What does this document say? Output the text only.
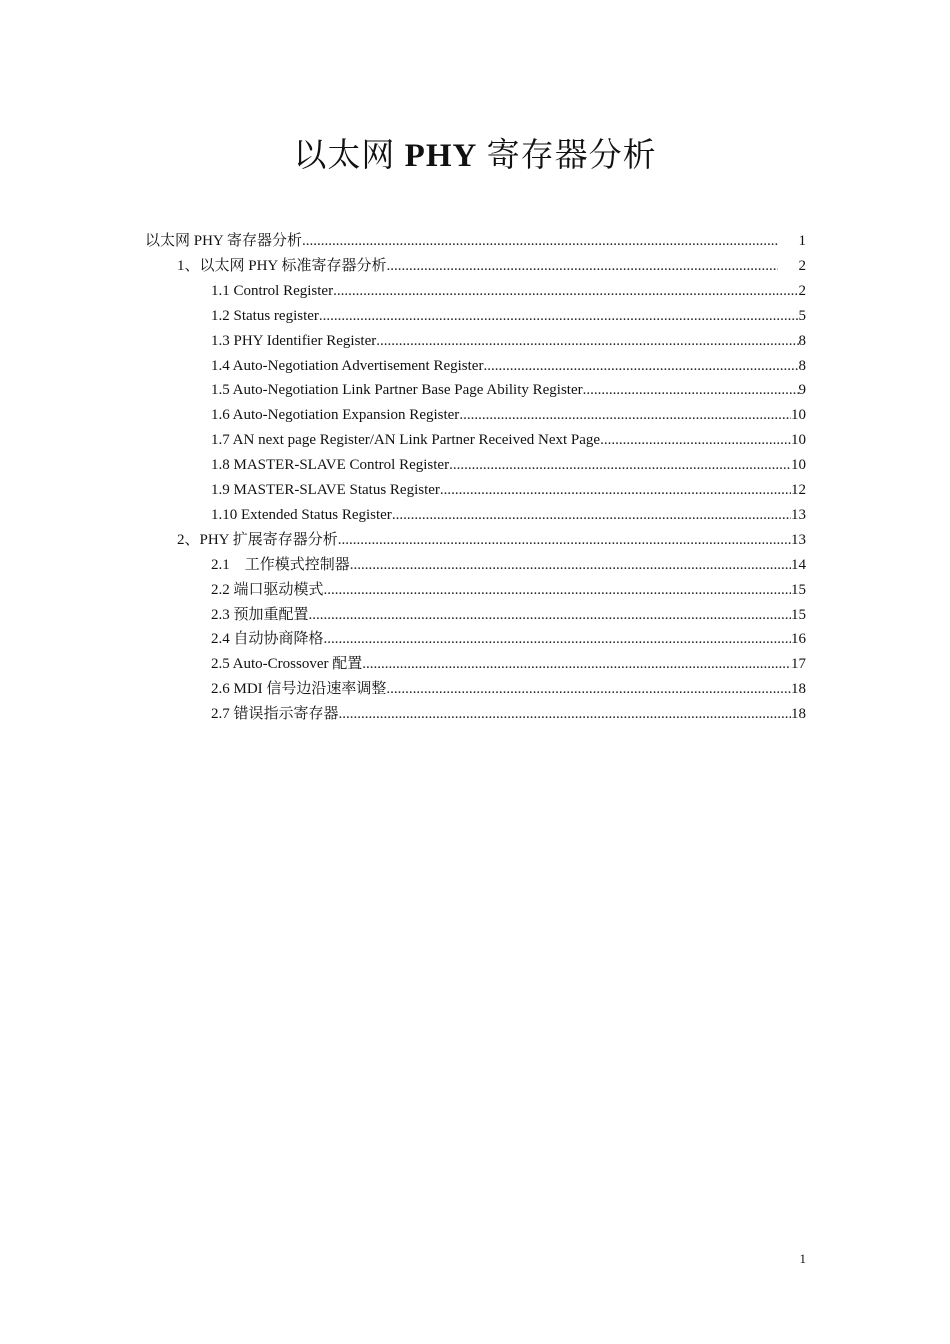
以太网 PHY 寄存器分析
以太网 PHY 寄存器分析 .....	1
1、以太网 PHY 标准寄存器分析 .....	2
1.1 Control Register .....	2
1.2 Status register .....	5
1.3 PHY Identifier Register .....	8
1.4 Auto-Negotiation Advertisement Register .....	8
1.5 Auto-Negotiation Link Partner Base Page Ability Register .....	9
1.6 Auto-Negotiation Expansion Register .....	10
1.7 AN next page Register/AN Link Partner Received Next Page .....	10
1.8 MASTER-SLAVE Control Register .....	10
1.9 MASTER-SLAVE Status Register .....	12
1.10 Extended Status Register .....	13
2、PHY 扩展寄存器分析 .....	13
2.1　工作模式控制器 .....	14
2.2 端口驱动模式 .....	15
2.3 预加重配置 .....	15
2.4 自动协商降格 .....	16
2.5 Auto-Crossover 配置 .....	17
2.6 MDI 信号边沿速率调整 .....	18
2.7 错误指示寄存器 .....	18
1
